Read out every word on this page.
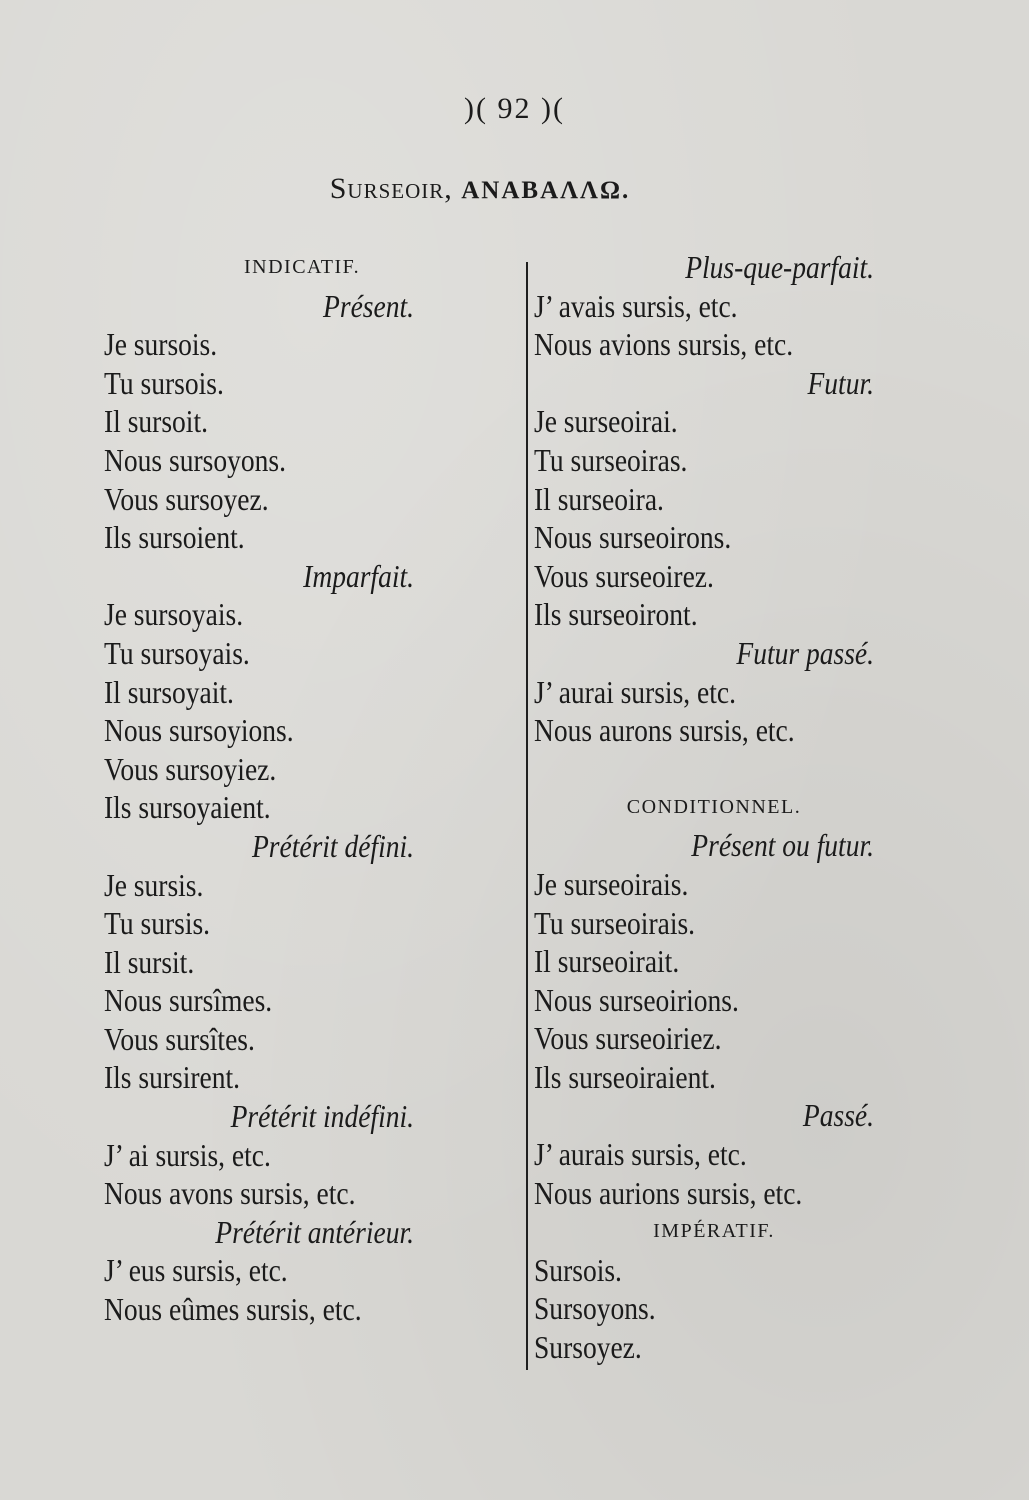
)( 92 )(
Surseoir, ΑΝΑΒΑΛΛΩ.
INDICATIF.
Présent.
Je sursois.
Tu sursois.
Il sursoit.
Nous sursoyons.
Vous sursoyez.
Ils sursoient.
Imparfait.
Je sursoyais.
Tu sursoyais.
Il sursoyait.
Nous sursoyions.
Vous sursoyiez.
Ils sursoyaient.
Prétérit défini.
Je sursis.
Tu sursis.
Il sursit.
Nous sursîmes.
Vous sursîtes.
Ils sursirent.
Prétérit indéfini.
J’ ai sursis, etc.
Nous avons sursis, etc.
Prétérit antérieur.
J’ eus sursis, etc.
Nous eûmes sursis, etc.
Plus-que-parfait.
J’ avais sursis, etc.
Nous avions sursis, etc.
Futur.
Je surseoirai.
Tu surseoiras.
Il surseoira.
Nous surseoirons.
Vous surseoirez.
Ils surseoiront.
Futur passé.
J’ aurai sursis, etc.
Nous aurons sursis, etc.
CONDITIONNEL.
Présent ou futur.
Je surseoirais.
Tu surseoirais.
Il surseoirait.
Nous surseoirions.
Vous surseoiriez.
Ils surseoiraient.
Passé.
J’ aurais sursis, etc.
Nous aurions sursis, etc.
IMPÉRATIF.
Sursois.
Sursoyons.
Sursoyez.
